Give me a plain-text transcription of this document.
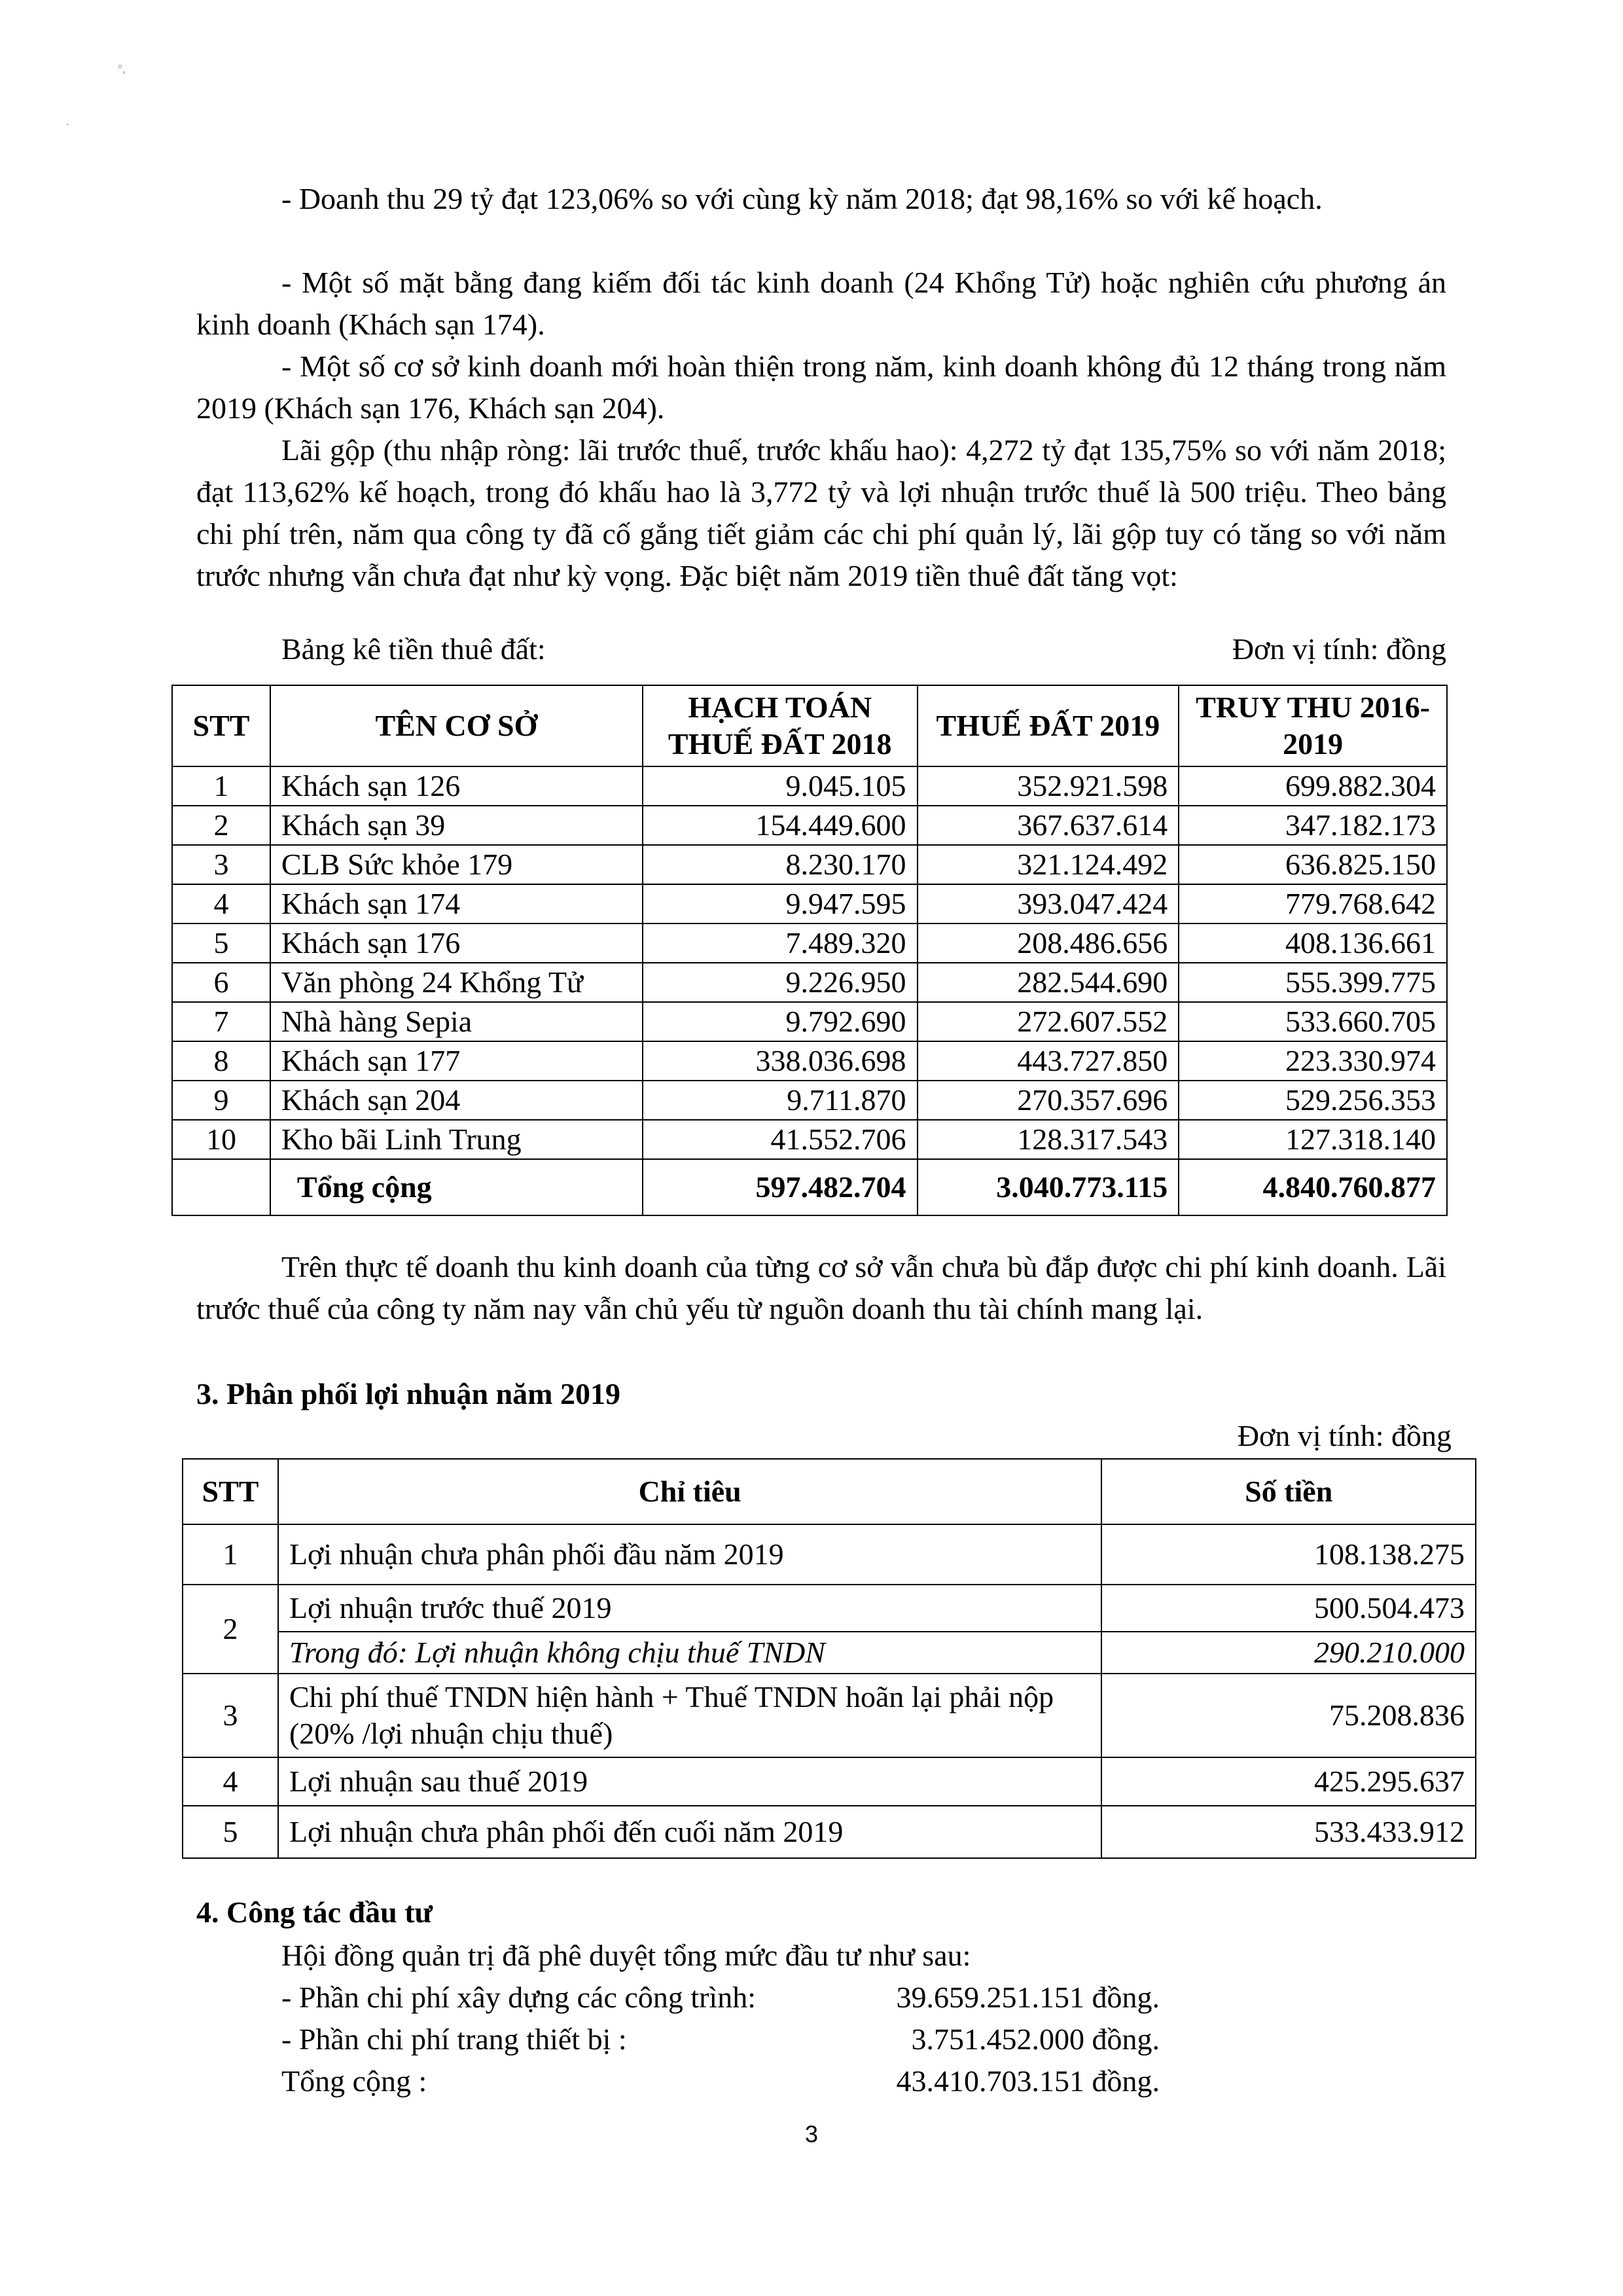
°,
·

- Doanh thu 29 tỷ đạt 123,06% so với cùng kỳ năm 2018; đạt 98,16% so với kế hoạch.

- Một số mặt bằng đang kiếm đối tác kinh doanh (24 Khổng Tử) hoặc nghiên cứu phương án kinh doanh (Khách sạn 174).

- Một số cơ sở kinh doanh mới hoàn thiện trong năm, kinh doanh không đủ 12 tháng trong năm 2019 (Khách sạn 176, Khách sạn 204).

Lãi gộp (thu nhập ròng: lãi trước thuế, trước khấu hao): 4,272 tỷ đạt 135,75% so với năm 2018; đạt 113,62% kế hoạch, trong đó khấu hao là 3,772 tỷ và lợi nhuận trước thuế là 500 triệu. Theo bảng chi phí trên, năm qua công ty đã cố gắng tiết giảm các chi phí quản lý, lãi gộp tuy có tăng so với năm trước nhưng vẫn chưa đạt như kỳ vọng. Đặc biệt năm 2019 tiền thuê đất tăng vọt:

Bảng kê tiền thuê đất:	Đơn vị tính: đồng
STT	TÊN CƠ SỞ	HẠCH TOÁN THUẾ ĐẤT 2018	THUẾ ĐẤT 2019	TRUY THU 2016-2019
1	Khách sạn 126	9.045.105	352.921.598	699.882.304
2	Khách sạn 39	154.449.600	367.637.614	347.182.173
3	CLB Sức khỏe 179	8.230.170	321.124.492	636.825.150
4	Khách sạn 174	9.947.595	393.047.424	779.768.642
5	Khách sạn 176	7.489.320	208.486.656	408.136.661
6	Văn phòng 24 Khổng Tử	9.226.950	282.544.690	555.399.775
7	Nhà hàng Sepia	9.792.690	272.607.552	533.660.705
8	Khách sạn 177	338.036.698	443.727.850	223.330.974
9	Khách sạn 204	9.711.870	270.357.696	529.256.353
10	Kho bãi Linh Trung	41.552.706	128.317.543	127.318.140
	Tổng cộng	597.482.704	3.040.773.115	4.840.760.877

Trên thực tế doanh thu kinh doanh của từng cơ sở vẫn chưa bù đắp được chi phí kinh doanh. Lãi trước thuế của công ty năm nay vẫn chủ yếu từ nguồn doanh thu tài chính mang lại.

3. Phân phối lợi nhuận năm 2019
Đơn vị tính: đồng
STT	Chỉ tiêu	Số tiền
1	Lợi nhuận chưa phân phối đầu năm 2019	108.138.275
2	Lợi nhuận trước thuế 2019	500.504.473
	Trong đó: Lợi nhuận không chịu thuế TNDN	290.210.000
3	Chi phí thuế TNDN hiện hành + Thuế TNDN hoãn lại phải nộp (20% /lợi nhuận chịu thuế)	75.208.836
4	Lợi nhuận sau thuế 2019	425.295.637
5	Lợi nhuận chưa phân phối đến cuối năm 2019	533.433.912
4. Công tác đầu tư
Hội đồng quản trị đã phê duyệt tổng mức đầu tư như sau:
- Phần chi phí xây dựng các công trình:	39.659.251.151 đồng.
- Phần chi phí trang thiết bị :	3.751.452.000 đồng.
Tổng cộng :	43.410.703.151 đồng.
3
